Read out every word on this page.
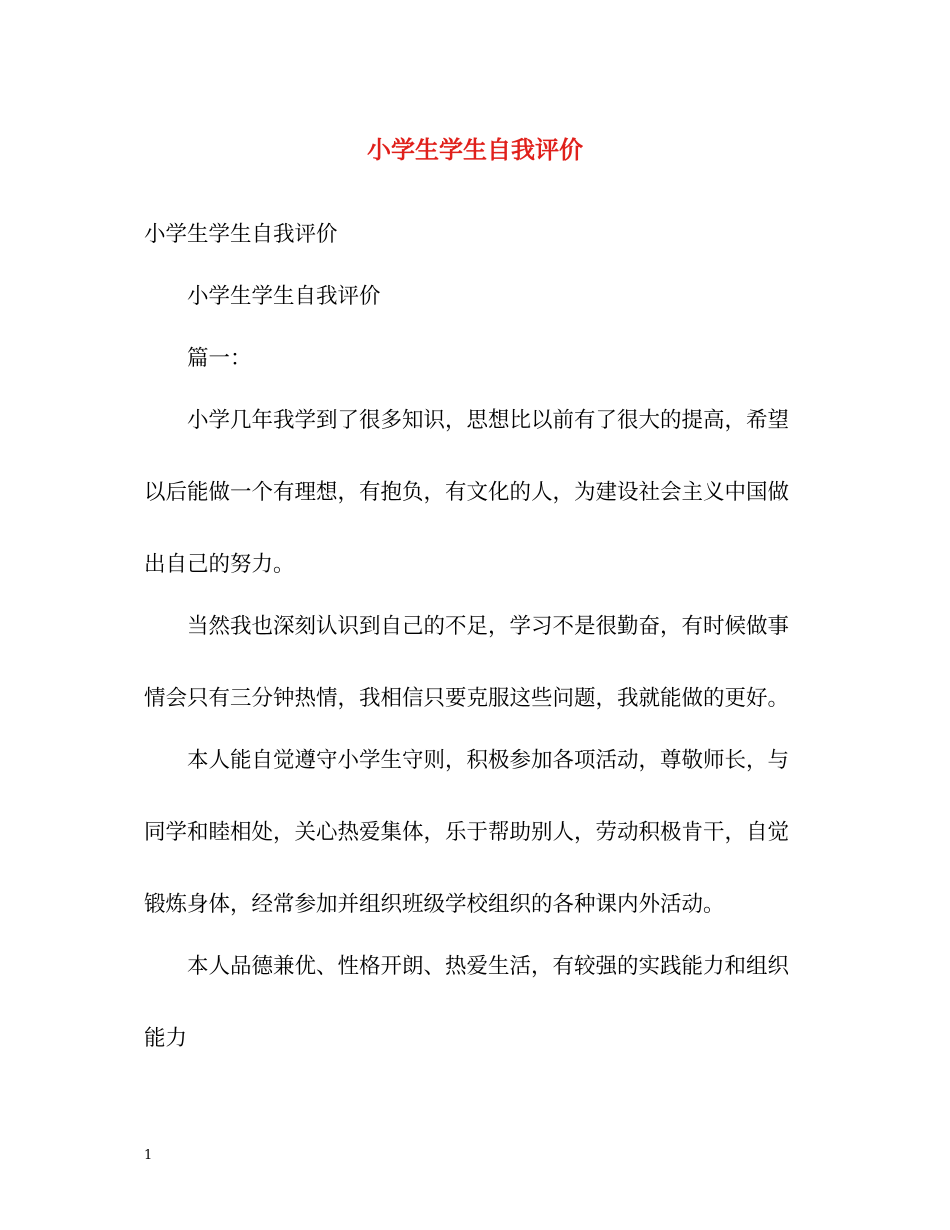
小学生学生自我评价

小学生学生自我评价

小学生学生自我评价

篇一：

小学几年我学到了很多知识，思想比以前有了很大的提高，希望
以后能做一个有理想，有抱负，有文化的人，为建设社会主义中国做
出自己的努力。

当然我也深刻认识到自己的不足，学习不是很勤奋，有时候做事
情会只有三分钟热情，我相信只要克服这些问题，我就能做的更好。

本人能自觉遵守小学生守则，积极参加各项活动，尊敬师长，与
同学和睦相处，关心热爱集体，乐于帮助别人，劳动积极肯干，自觉
锻炼身体，经常参加并组织班级学校组织的各种课内外活动。

本人品德兼优、性格开朗、热爱生活，有较强的实践能力和组织
能力

1
